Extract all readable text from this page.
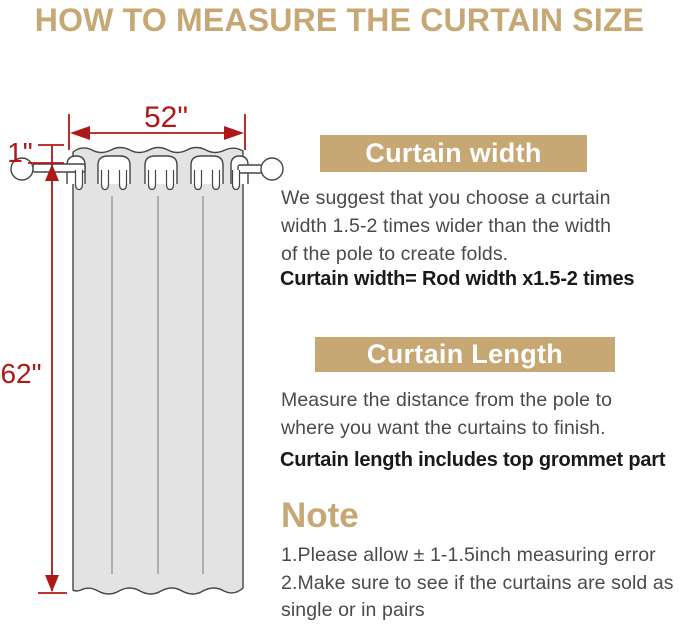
HOW TO MEASURE THE CURTAIN SIZE
52"
1"
62"
Curtain width
We suggest that you choose a curtain width 1.5-2 times wider than the width of the pole to create folds.
Curtain width= Rod width x1.5-2 times
Curtain Length
Measure the distance from the pole to where you want the curtains to finish.
Curtain length includes top grommet part
Note
1.Please allow ± 1-1.5inch measuring error
2.Make sure to see if the curtains are sold as single or in pairs
